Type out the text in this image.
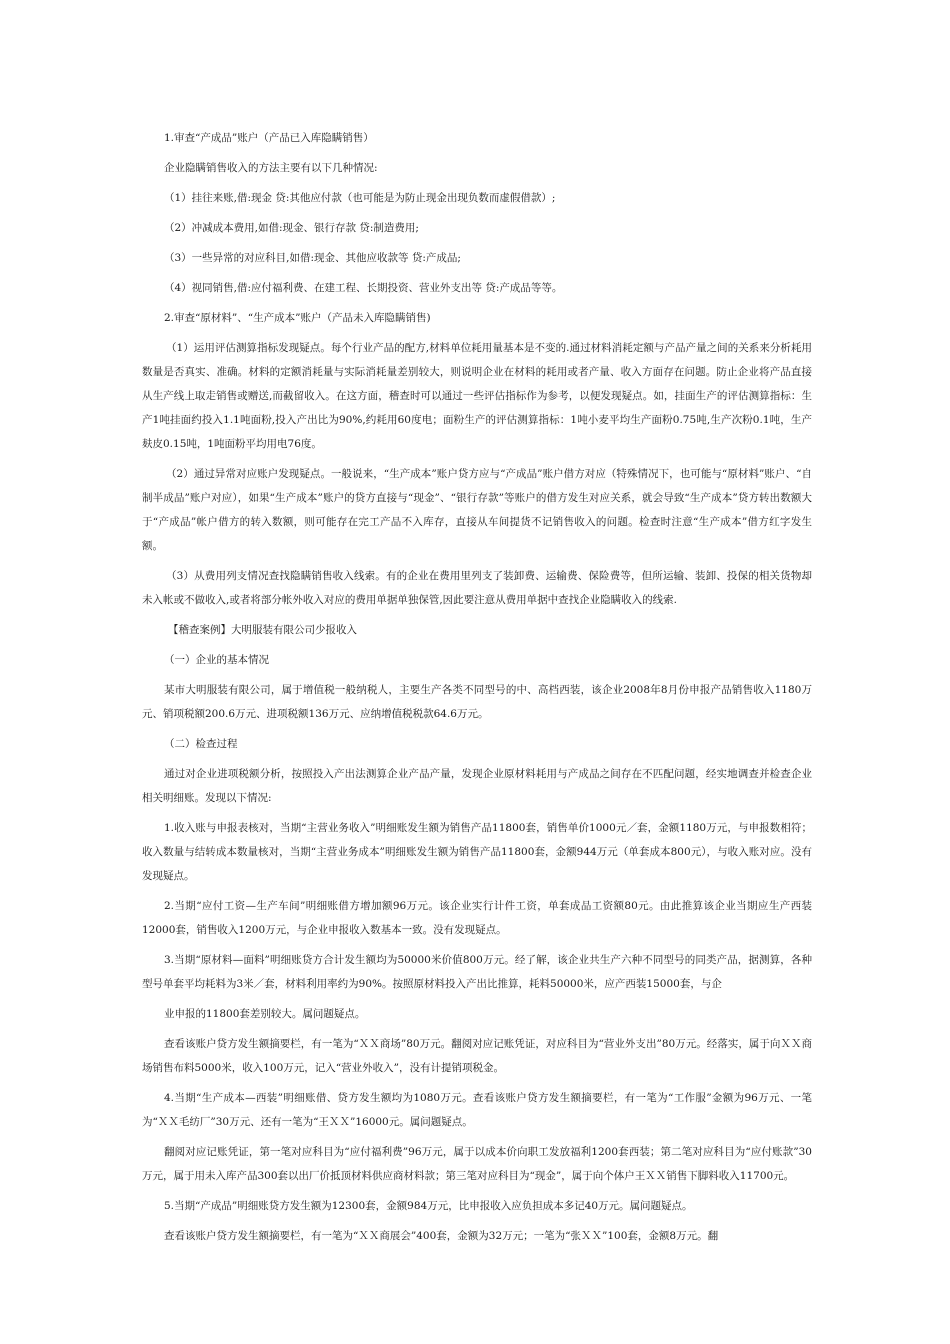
1.审查“产成品”账户（产品已入库隐瞒销售）

企业隐瞒销售收入的方法主要有以下几种情况:

（1）挂往来账,借:现金 贷:其他应付款（也可能是为防止现金出现负数而虚假借款）;

（2）冲减成本费用,如借:现金、银行存款 贷:制造费用;

（3）一些异常的对应科目,如借:现金、其他应收款等 贷:产成品;

（4）视同销售,借:应付福利费、在建工程、长期投资、营业外支出等 贷:产成品等等。

2.审查“原材料”、“生产成本”账户（产品未入库隐瞒销售)

（1）运用评估测算指标发现疑点。每个行业产品的配方,材料单位耗用量基本是不变的.通过材料消耗定额与产品产量之间的关系来分析耗用数量是否真实、准确。材料的定额消耗量与实际消耗量差别较大，则说明企业在材料的耗用或者产量、收入方面存在问题。防止企业将产品直接从生产线上取走销售或赠送,而截留收入。在这方面，稽查时可以通过一些评估指标作为参考，以便发现疑点。如，挂面生产的评估测算指标：生产1吨挂面约投入1.1吨面粉,投入产出比为90%,约耗用60度电；面粉生产的评估测算指标：1吨小麦平均生产面粉0.75吨,生产次粉0.1吨，生产麸皮0.15吨，1吨面粉平均用电76度。

（2）通过异常对应账户发现疑点。一般说来，“生产成本”账户贷方应与“产成品”账户借方对应（特殊情况下，也可能与“原材料”账户、“自制半成品”账户对应），如果“生产成本”账户的贷方直接与“现金”、“银行存款”等账户的借方发生对应关系，就会导致“生产成本”贷方转出数额大于“产成品”帐户借方的转入数额，则可能存在完工产品不入库存，直接从车间提货不记销售收入的问题。检查时注意“生产成本”借方红字发生额。

（3）从费用列支情况查找隐瞒销售收入线索。有的企业在费用里列支了装卸费、运输费、保险费等，但所运输、装卸、投保的相关货物却未入帐或不做收入,或者将部分帐外收入对应的费用单据单独保管,因此要注意从费用单据中查找企业隐瞒收入的线索.

【稽查案例】大明服装有限公司少报收入

（一）企业的基本情况

某市大明服装有限公司，属于增值税一般纳税人，主要生产各类不同型号的中、高档西装，该企业2008年8月份申报产品销售收入1180万元、销项税额200.6万元、进项税额136万元、应纳增值税税款64.6万元。

（二）检查过程

通过对企业进项税额分析，按照投入产出法测算企业产品产量，发现企业原材料耗用与产成品之间存在不匹配问题，经实地调查并检查企业相关明细账。发现以下情况:

1.收入账与申报表核对，当期“主营业务收入”明细账发生额为销售产品11800套，销售单价1000元／套，金额1180万元，与申报数相符；收入数量与结转成本数量核对，当期“主营业务成本”明细账发生额为销售产品11800套，金额944万元（单套成本800元），与收入账对应。没有发现疑点。

2.当期“应付工资—生产车间”明细账借方增加额96万元。该企业实行计件工资，单套成品工资额80元。由此推算该企业当期应生产西装12000套，销售收入1200万元，与企业申报收入数基本一致。没有发现疑点。

3.当期“原材料—面料”明细账贷方合计发生额均为50000米价值800万元。经了解，该企业共生产六种不同型号的同类产品，据测算，各种型号单套平均耗料为3米／套，材料利用率约为90%。按照原材料投入产出比推算，耗料50000米，应产西装15000套，与企

业申报的11800套差别较大。属问题疑点。

查看该账户贷方发生额摘要栏，有一笔为“ＸＸ商场”80万元。翻阅对应记账凭证，对应科目为“营业外支出”80万元。经落实，属于向ＸＸ商场销售布料5000米，收入100万元，记入“营业外收入”，没有计提销项税金。

4.当期“生产成本—西装”明细账借、贷方发生额均为1080万元。查看该账户贷方发生额摘要栏，有一笔为“工作服”金额为96万元、一笔为“ＸＸ毛纺厂”30万元、还有一笔为“王ＸＸ”16000元。属问题疑点。

翻阅对应记账凭证，第一笔对应科目为“应付福利费”96万元，属于以成本价向职工发放福利1200套西装；第二笔对应科目为“应付账款”30万元，属于用未入库产品300套以出厂价抵顶材料供应商材料款；第三笔对应科目为“现金”，属于向个体户王ＸＸ销售下脚料收入11700元。

5.当期“产成品”明细账贷方发生额为12300套，金额984万元，比申报收入应负担成本多记40万元。属问题疑点。

查看该账户贷方发生额摘要栏，有一笔为“ＸＸ商展会”400套，金额为32万元；一笔为“张ＸＸ”100套，金额8万元。翻
